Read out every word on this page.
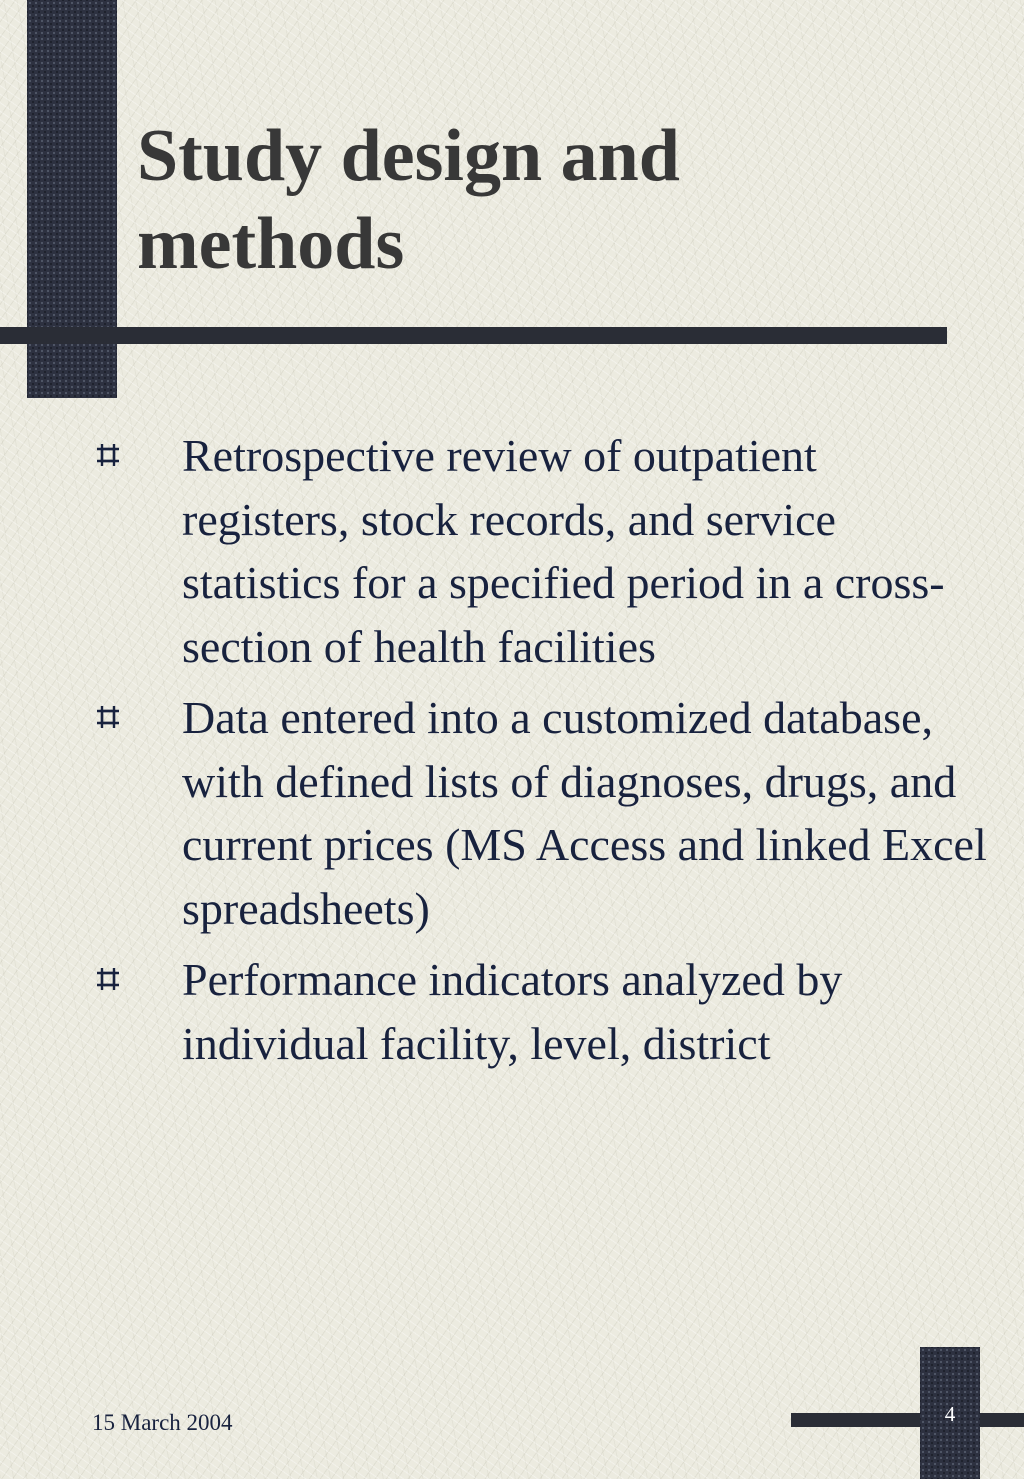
Study design and methods
Retrospective review of outpatient registers, stock records, and service statistics for a specified period in a cross-section of health facilities
Data entered into a customized database, with defined lists of diagnoses, drugs, and current prices (MS Access and linked Excel spreadsheets)
Performance indicators analyzed by individual facility, level, district
15 March 2004	4
